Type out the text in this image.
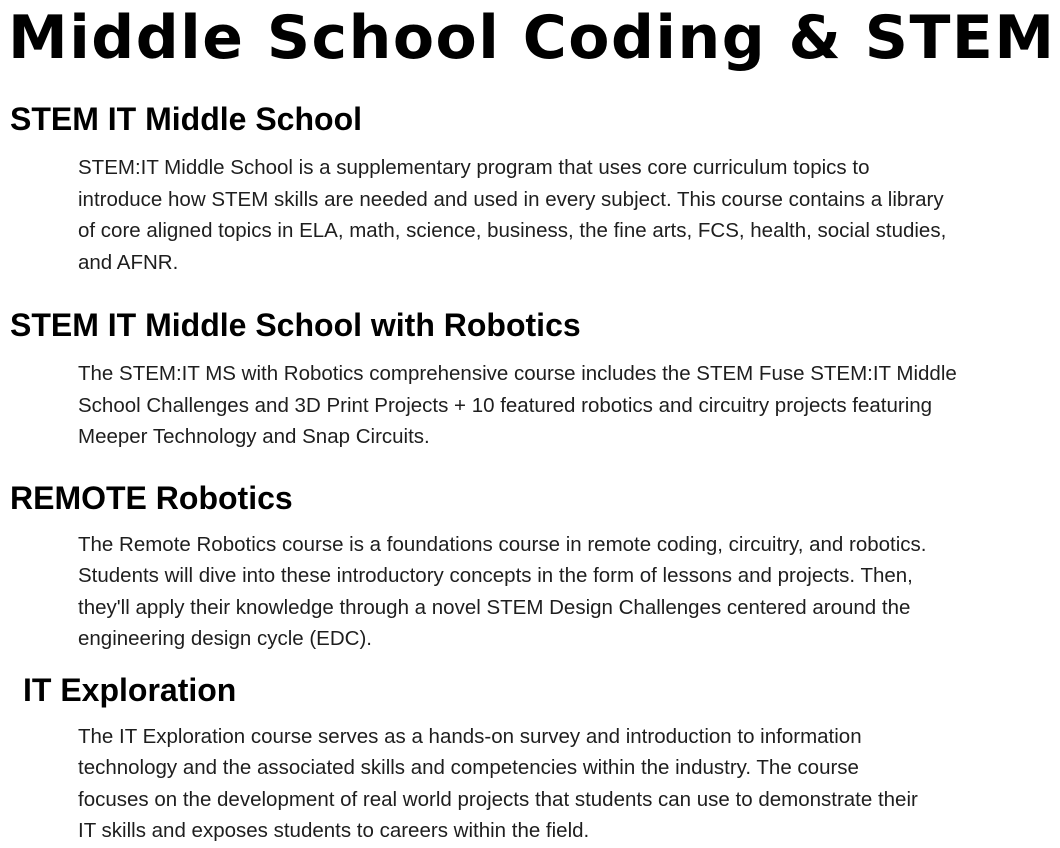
Middle School Coding & STEM
STEM IT Middle School
STEM:IT Middle School is a supplementary program that uses core curriculum topics to
introduce how STEM skills are needed and used in every subject. This course contains a library
of core aligned topics in ELA, math, science, business, the fine arts, FCS, health, social studies,
and AFNR.
STEM IT Middle School with Robotics
The STEM:IT MS with Robotics comprehensive course includes the STEM Fuse STEM:IT Middle
School Challenges and 3D Print Projects + 10 featured robotics and circuitry projects featuring
Meeper Technology and Snap Circuits.
REMOTE Robotics
The Remote Robotics course is a foundations course in remote coding, circuitry, and robotics.
Students will dive into these introductory concepts in the form of lessons and projects. Then,
they'll apply their knowledge through a novel STEM Design Challenges centered around the
engineering design cycle (EDC).
IT Exploration
The IT Exploration course serves as a hands-on survey and introduction to information
technology and the associated skills and competencies within the industry. The course
focuses on the development of real world projects that students can use to demonstrate their
IT skills and exposes students to careers within the field.
